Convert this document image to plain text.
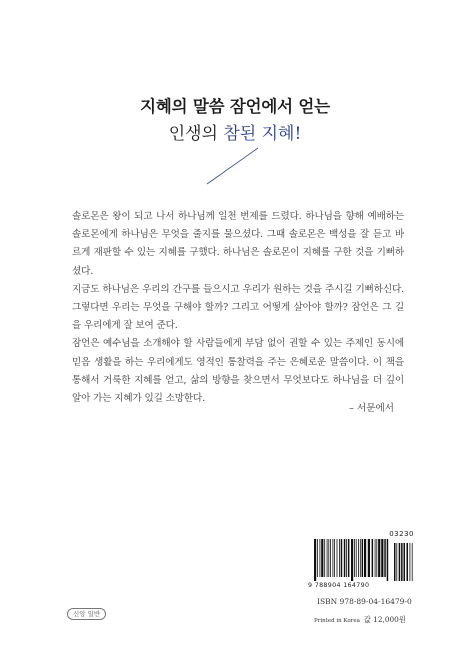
지혜의 말씀 잠언에서 얻는
인생의 참된 지혜!

솔로몬은 왕이 되고 나서 하나님께 일천 번제를 드렸다. 하나님을 향해 예배하는 솔로몬에게 하나님은 무엇을 줄지를 물으셨다. 그때 솔로몬은 백성을 잘 듣고 바르게 재판할 수 있는 지혜를 구했다. 하나님은 솔로몬이 지혜를 구한 것을 기뻐하셨다.

지금도 하나님은 우리의 간구를 들으시고 우리가 원하는 것을 주시길 기뻐하신다. 그렇다면 우리는 무엇을 구해야 할까? 그리고 어떻게 살아야 할까? 잠언은 그 길을 우리에게 잘 보여 준다.

잠언은 예수님을 소개해야 할 사람들에게 부담 없이 권할 수 있는 주제인 동시에 믿음 생활을 하는 우리에게도 영적인 통찰력을 주는 은혜로운 말씀이다. 이 책을 통해서 거룩한 지혜를 얻고, 삶의 방향을 찾으면서 무엇보다도 하나님을 더 깊이 알아 가는 지혜가 있길 소망한다.

– 서문에서
신앙 일반
03230
9 788904 164790
ISBN 978-89-04-16479-0
Printed in Korea 값 12,000원
